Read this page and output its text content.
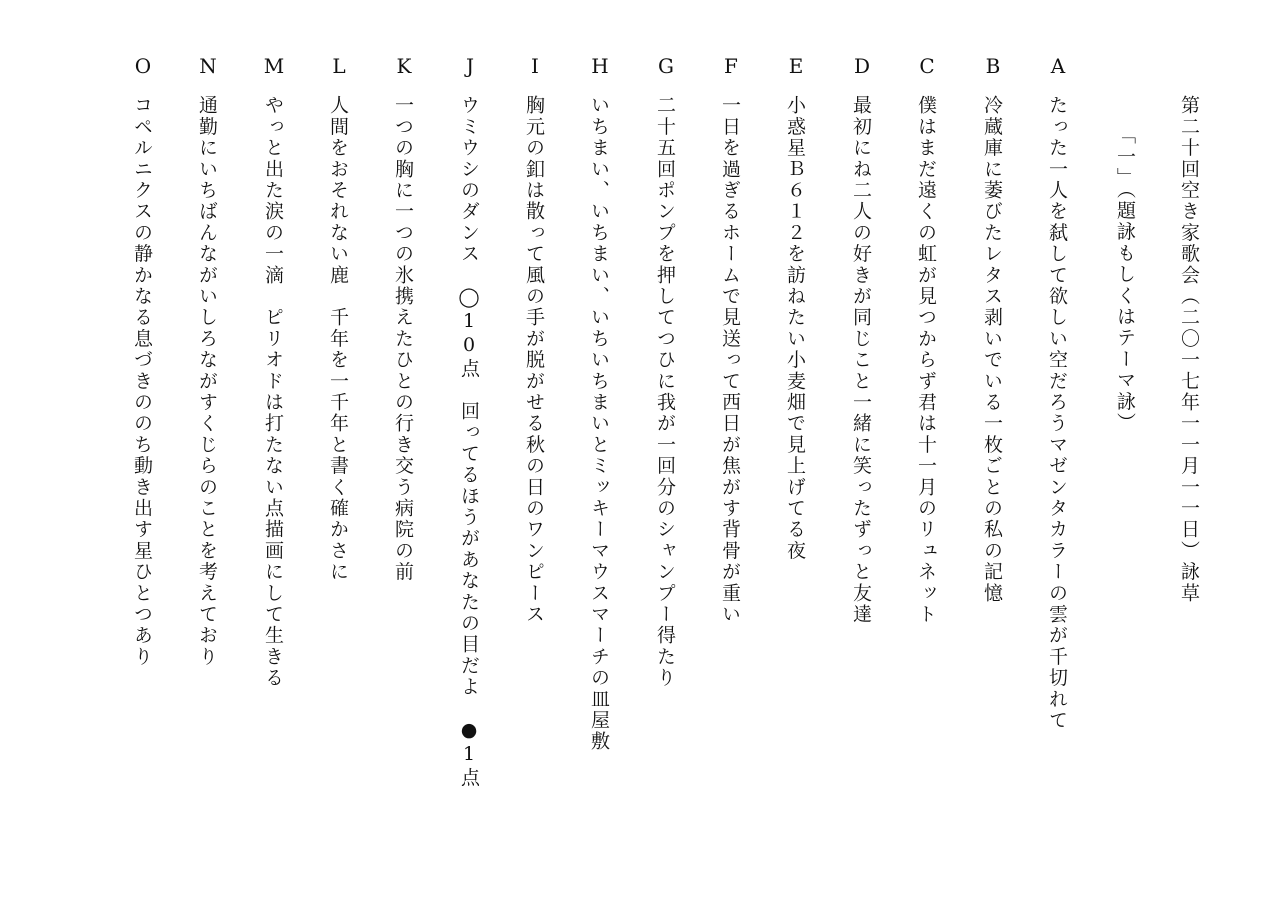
第二十回空き家歌会（二〇一七年一一月一一日）詠草
「一」（題詠もしくはテーマ詠）
A
たった一人を弑して欲しい空だろうマゼンタカラーの雲が千切れて
B
冷蔵庫に萎びたレタス剥いでいる一枚ごとの私の記憶
C
僕はまだ遠くの虹が見つからず君は十一月のリュネット
D
最初にね二人の好きが同じこと一緒に笑ったずっと友達
E
小惑星Ｂ６１２を訪ねたい小麦畑で見上げてる夜
F
一日を過ぎるホームで見送って西日が焦がす背骨が重い
G
二十五回ポンプを押してつひに我が一回分のシャンプー得たり
H
いちまい、いちまい、いちいちまいとミッキーマウスマーチの皿屋敷
I
胸元の釦は散って風の手が脱がせる秋の日のワンピース
J
ウミウシのダンス　◯10点　回ってるほうがあなたの目だよ　●1点
K
一つの胸に一つの氷携えたひとの行き交う病院の前
L
人間をおそれない鹿　千年を一千年と書く確かさに
M
やっと出た涙の一滴　ピリオドは打たない点描画にして生きる
N
通勤にいちばんながいしろながすくじらのことを考えており
O
コペルニクスの静かなる息づきののち動き出す星ひとつあり
